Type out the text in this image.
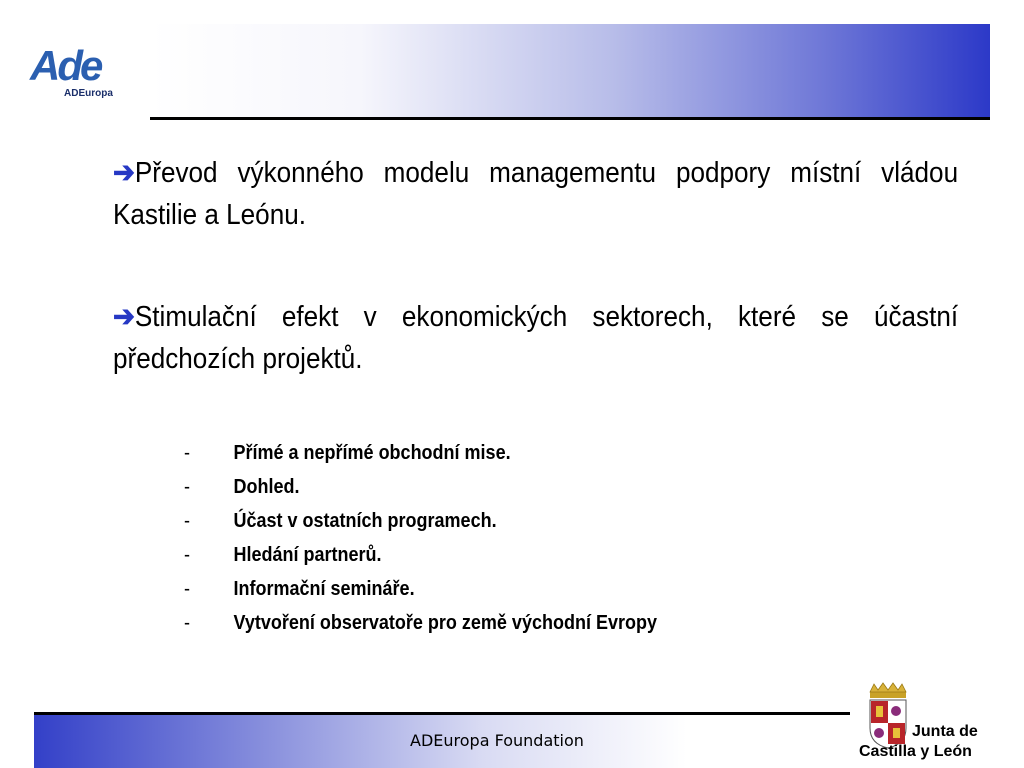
Ade
ADEuropa

➔Převod výkonného modelu managementu podpory místní vládou Kastilie a Leónu.

➔Stimulační efekt v ekonomických sektorech, které se účastní předchozích projektů.

- Přímé a nepřímé obchodní mise.
- Dohled.
- Účast v ostatních programech.
- Hledání partnerů.
- Informační semináře.
- Vytvoření observatoře pro země východní Evropy
ADEuropa Foundation	Junta de
Castilla y León
